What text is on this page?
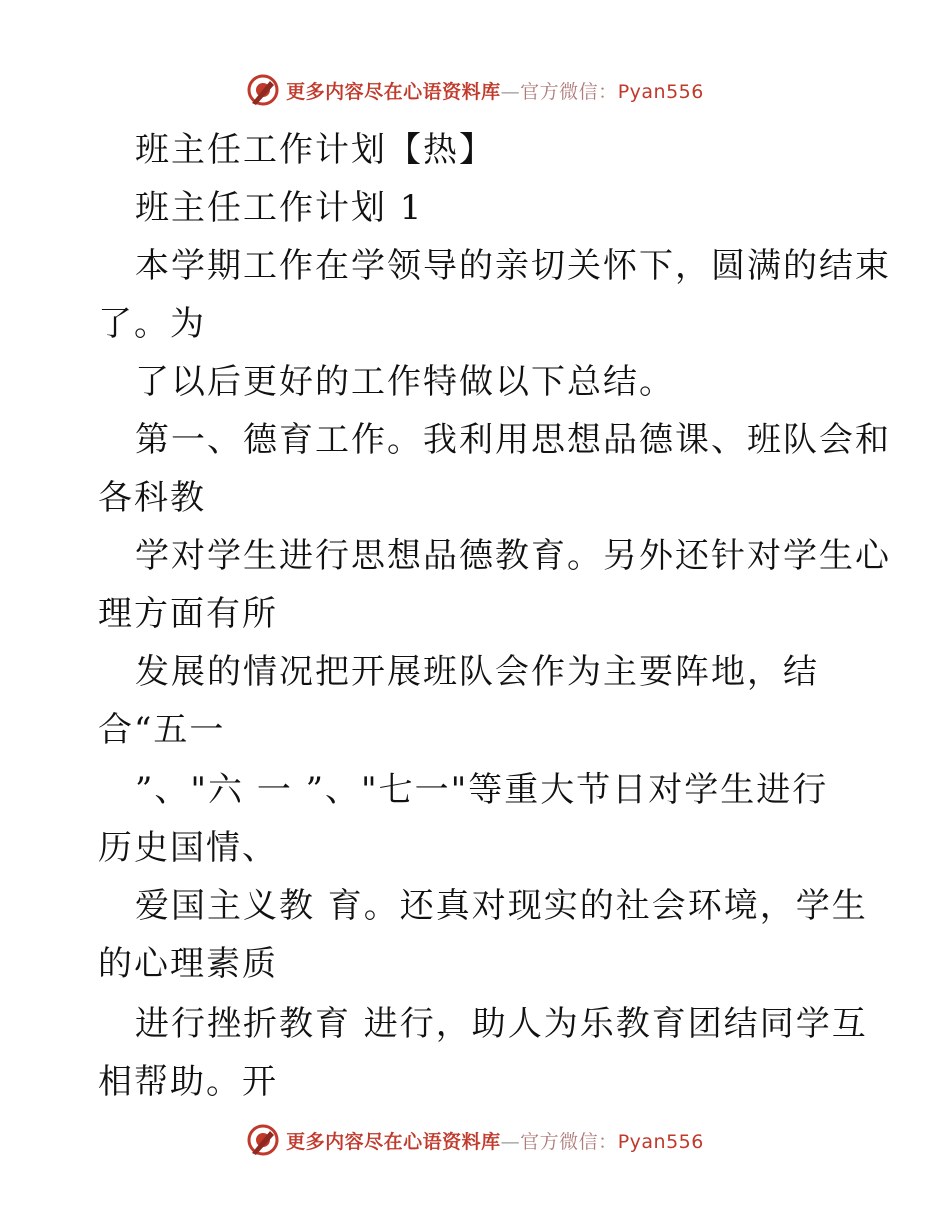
更多内容尽在心语资料库—官方微信：Pyan556
班主任工作计划【热】
班主任工作计划 1
本学期工作在学领导的亲切关怀下，圆满的结束
了。为
了以后更好的工作特做以下总结。
第一、德育工作。我利用思想品德课、班队会和
各科教
学对学生进行思想品德教育。另外还针对学生心
理方面有所
发展的情况把开展班队会作为主要阵地，结
合“五一
”、"六 一 ”、"七一"等重大节日对学生进行
历史国情、
爱国主义教 育。还真对现实的社会环境，学生
的心理素质
进行挫折教育 进行，助人为乐教育团结同学互
相帮助。开
更多内容尽在心语资料库—官方微信：Pyan556
